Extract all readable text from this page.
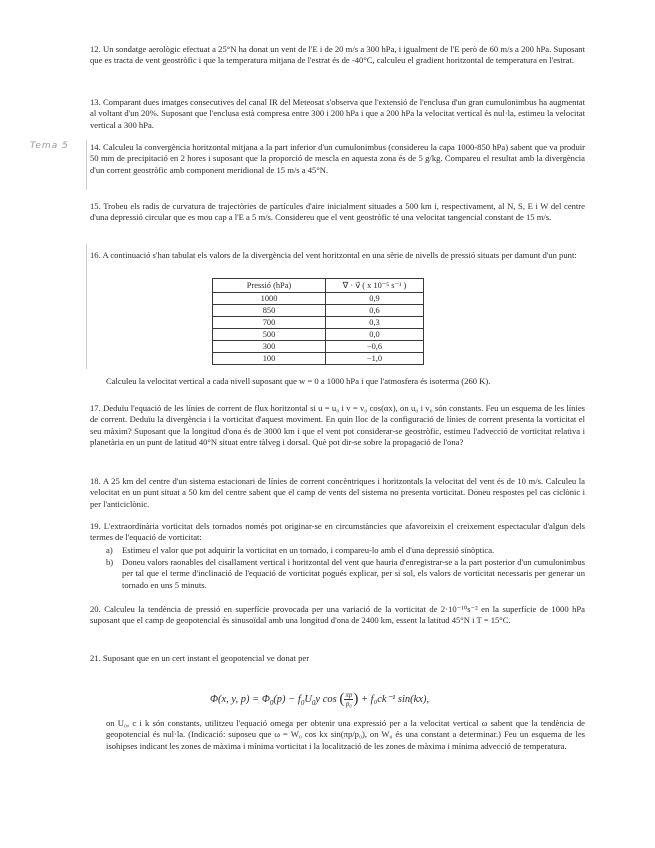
Tema 5
12. Un sondatge aerològic efectuat a 25°N ha donat un vent de l'E i de 20 m/s a 300 hPa, i igualment de l'E però de 60 m/s a 200 hPa. Suposant que es tracta de vent geostròfic i que la temperatura mitjana de l'estrat és de -40°C, calculeu el gradient horitzontal de temperatura en l'estrat.
13. Comparant dues imatges consecutives del canal IR del Meteosat s'observa que l'extensió de l'enclusa d'un gran cumulonimbus ha augmentat al voltant d'un 20%. Suposant que l'enclusa està compresa entre 300 i 200 hPa i que a 200 hPa la velocitat vertical és nul·la, estimeu la velocitat vertical a 300 hPa.
14. Calculeu la convergència horitzontal mitjana a la part inferior d'un cumulonimbus (considereu la capa 1000-850 hPa) sabent que va produir 50 mm de precipitació en 2 hores i suposant que la proporció de mescla en aquesta zona és de 5 g/kg. Compareu el resultat amb la divergència d'un corrent geostròfic amb component meridional de 15 m/s a 45°N.
15. Trobeu els radis de curvatura de trajectòries de partícules d'aire inicialment situades a 500 km i, respectivament, al N, S, E i W del centre d'una depressió circular que es mou cap a l'E a 5 m/s. Considereu que el vent geostròfic té una velocitat tangencial constant de 15 m/s.
16. A continuació s'han tabulat els valors de la divergència del vent horitzontal en una sèrie de nivells de pressió situats per damunt d'un punt:
Pressió (hPa)	∇ · v⃗ ( x 10⁻⁵ s⁻¹ )
1000	0,9
850	0,6
700	0,3
500	0,0
300	−0,6
100	−1,0
Calculeu la velocitat vertical a cada nivell suposant que w = 0 a 1000 hPa i que l'atmosfera és isoterma (260 K).
17. Deduïu l'equació de les línies de corrent de flux horitzontal si u = u₀ i v = v₀ cos(αx), on u₀ i v₀ són constants. Feu un esquema de les línies de corrent. Deduïu la divergència i la vorticitat d'aquest moviment. En quin lloc de la configuració de línies de corrent presenta la vorticitat el seu màxim? Suposant que la longitud d'ona és de 3000 km i que el vent pot considerar-se geostròfic, estimeu l'advecció de vorticitat relativa i planetària en un punt de latitud 40°N situat entre tàlveg i dorsal. Què pot dir-se sobre la propagació de l'ona?
18. A 25 km del centre d'un sistema estacionari de línies de corrent concèntriques i horitzontals la velocitat del vent és de 10 m/s. Calculeu la velocitat en un punt situat a 50 km del centre sabent que el camp de vents del sistema no presenta vorticitat. Doneu respostes pel cas ciclònic i per l'anticiclònic.
19. L'extraordinària vorticitat dels tornados només pot originar-se en circumstàncies que afavoreixin el creixement espectacular d'algun dels termes de l'equació de vorticitat:
a)	Estimeu el valor que pot adquirir la vorticitat en un tornado, i compareu-lo amb el d'una depressió sinòptica.
b)	Doneu valors raonables del cisallament vertical i horitzontal del vent que hauria d'enregistrar-se a la part posterior d'un cumulonimbus per tal que el terme d'inclinació de l'equació de vorticitat pogués explicar, per si sol, els valors de vorticitat necessaris per generar un tornado en uns 5 minuts.
20. Calculeu la tendència de pressió en superfície provocada per una variació de la vorticitat de 2·10⁻¹⁰s⁻² en la superfície de 1000 hPa suposant que el camp de geopotencial és sinusoïdal amb una longitud d'ona de 2400 km, essent la latitud 45°N i T = 15°C.
21. Suposant que en un cert instant el geopotencial ve donat per
Φ(x, y, $p) = \Phi_0(p) - f_0U_0y$ cos ( $\frac{\pi p}{\text{p₀}}$ ) + f₀ck⁻¹ sin(kx),
on U₀, c i k són constants, utilitzeu l'equació omega per obtenir una expressió per a la velocitat vertical ω sabent que la tendència de geopotencial és nul·la. (Indicació: suposeu que ω = W₀ cos kx sin(πp/p₀), on W₀ és una constant a determinar.) Feu un esquema de les isohipses indicant les zones de màxima i mínima vorticitat i la localització de les zones de màxima i mínima advecció de temperatura.
